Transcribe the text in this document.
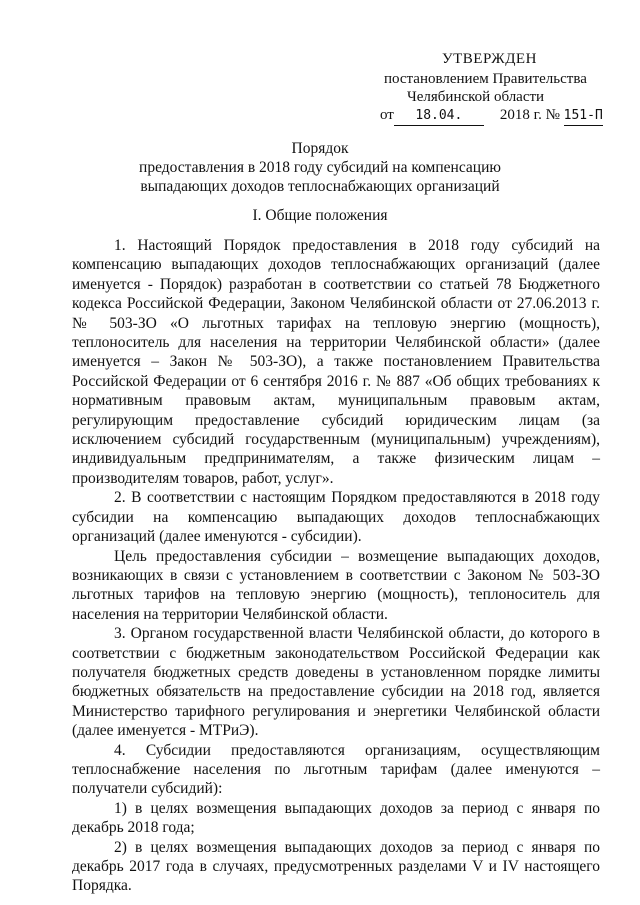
УТВЕРЖДЕН
постановлением Правительства
Челябинской области
от 18.04.	2018 г. № 151-П
Порядок
предоставления в 2018 году субсидий на компенсацию
выпадающих доходов теплоснабжающих организаций
I. Общие положения

1. Настоящий Порядок предоставления в 2018 году субсидий на компенсацию выпадающих доходов теплоснабжающих организаций (далее именуется - Порядок) разработан в соответствии со статьей 78 Бюджетного кодекса Российской Федерации, Законом Челябинской области от 27.06.2013 г. № 503-ЗО «О льготных тарифах на тепловую энергию (мощность), теплоноситель для населения на территории Челябинской области» (далее именуется – Закон № 503-ЗО), а также постановлением Правительства Российской Федерации от 6 сентября 2016 г. № 887 «Об общих требованиях к нормативным правовым актам, муниципальным правовым актам, регулирующим предоставление субсидий юридическим лицам (за исключением субсидий государственным (муниципальным) учреждениям), индивидуальным предпринимателям, а также физическим лицам – производителям товаров, работ, услуг».

2. В соответствии с настоящим Порядком предоставляются в 2018 году субсидии на компенсацию выпадающих доходов теплоснабжающих организаций (далее именуются - субсидии).

Цель предоставления субсидии – возмещение выпадающих доходов, возникающих в связи с установлением в соответствии с Законом № 503-ЗО льготных тарифов на тепловую энергию (мощность), теплоноситель для населения на территории Челябинской области.

3. Органом государственной власти Челябинской области, до которого в соответствии с бюджетным законодательством Российской Федерации как получателя бюджетных средств доведены в установленном порядке лимиты бюджетных обязательств на предоставление субсидии на 2018 год, является Министерство тарифного регулирования и энергетики Челябинской области (далее именуется - МТРиЭ).

4. Субсидии предоставляются организациям, осуществляющим теплоснабжение населения по льготным тарифам (далее именуются – получатели субсидий):

1) в целях возмещения выпадающих доходов за период с января по декабрь 2018 года;

2) в целях возмещения выпадающих доходов за период с января по декабрь 2017 года в случаях, предусмотренных разделами V и IV настоящего Порядка.
